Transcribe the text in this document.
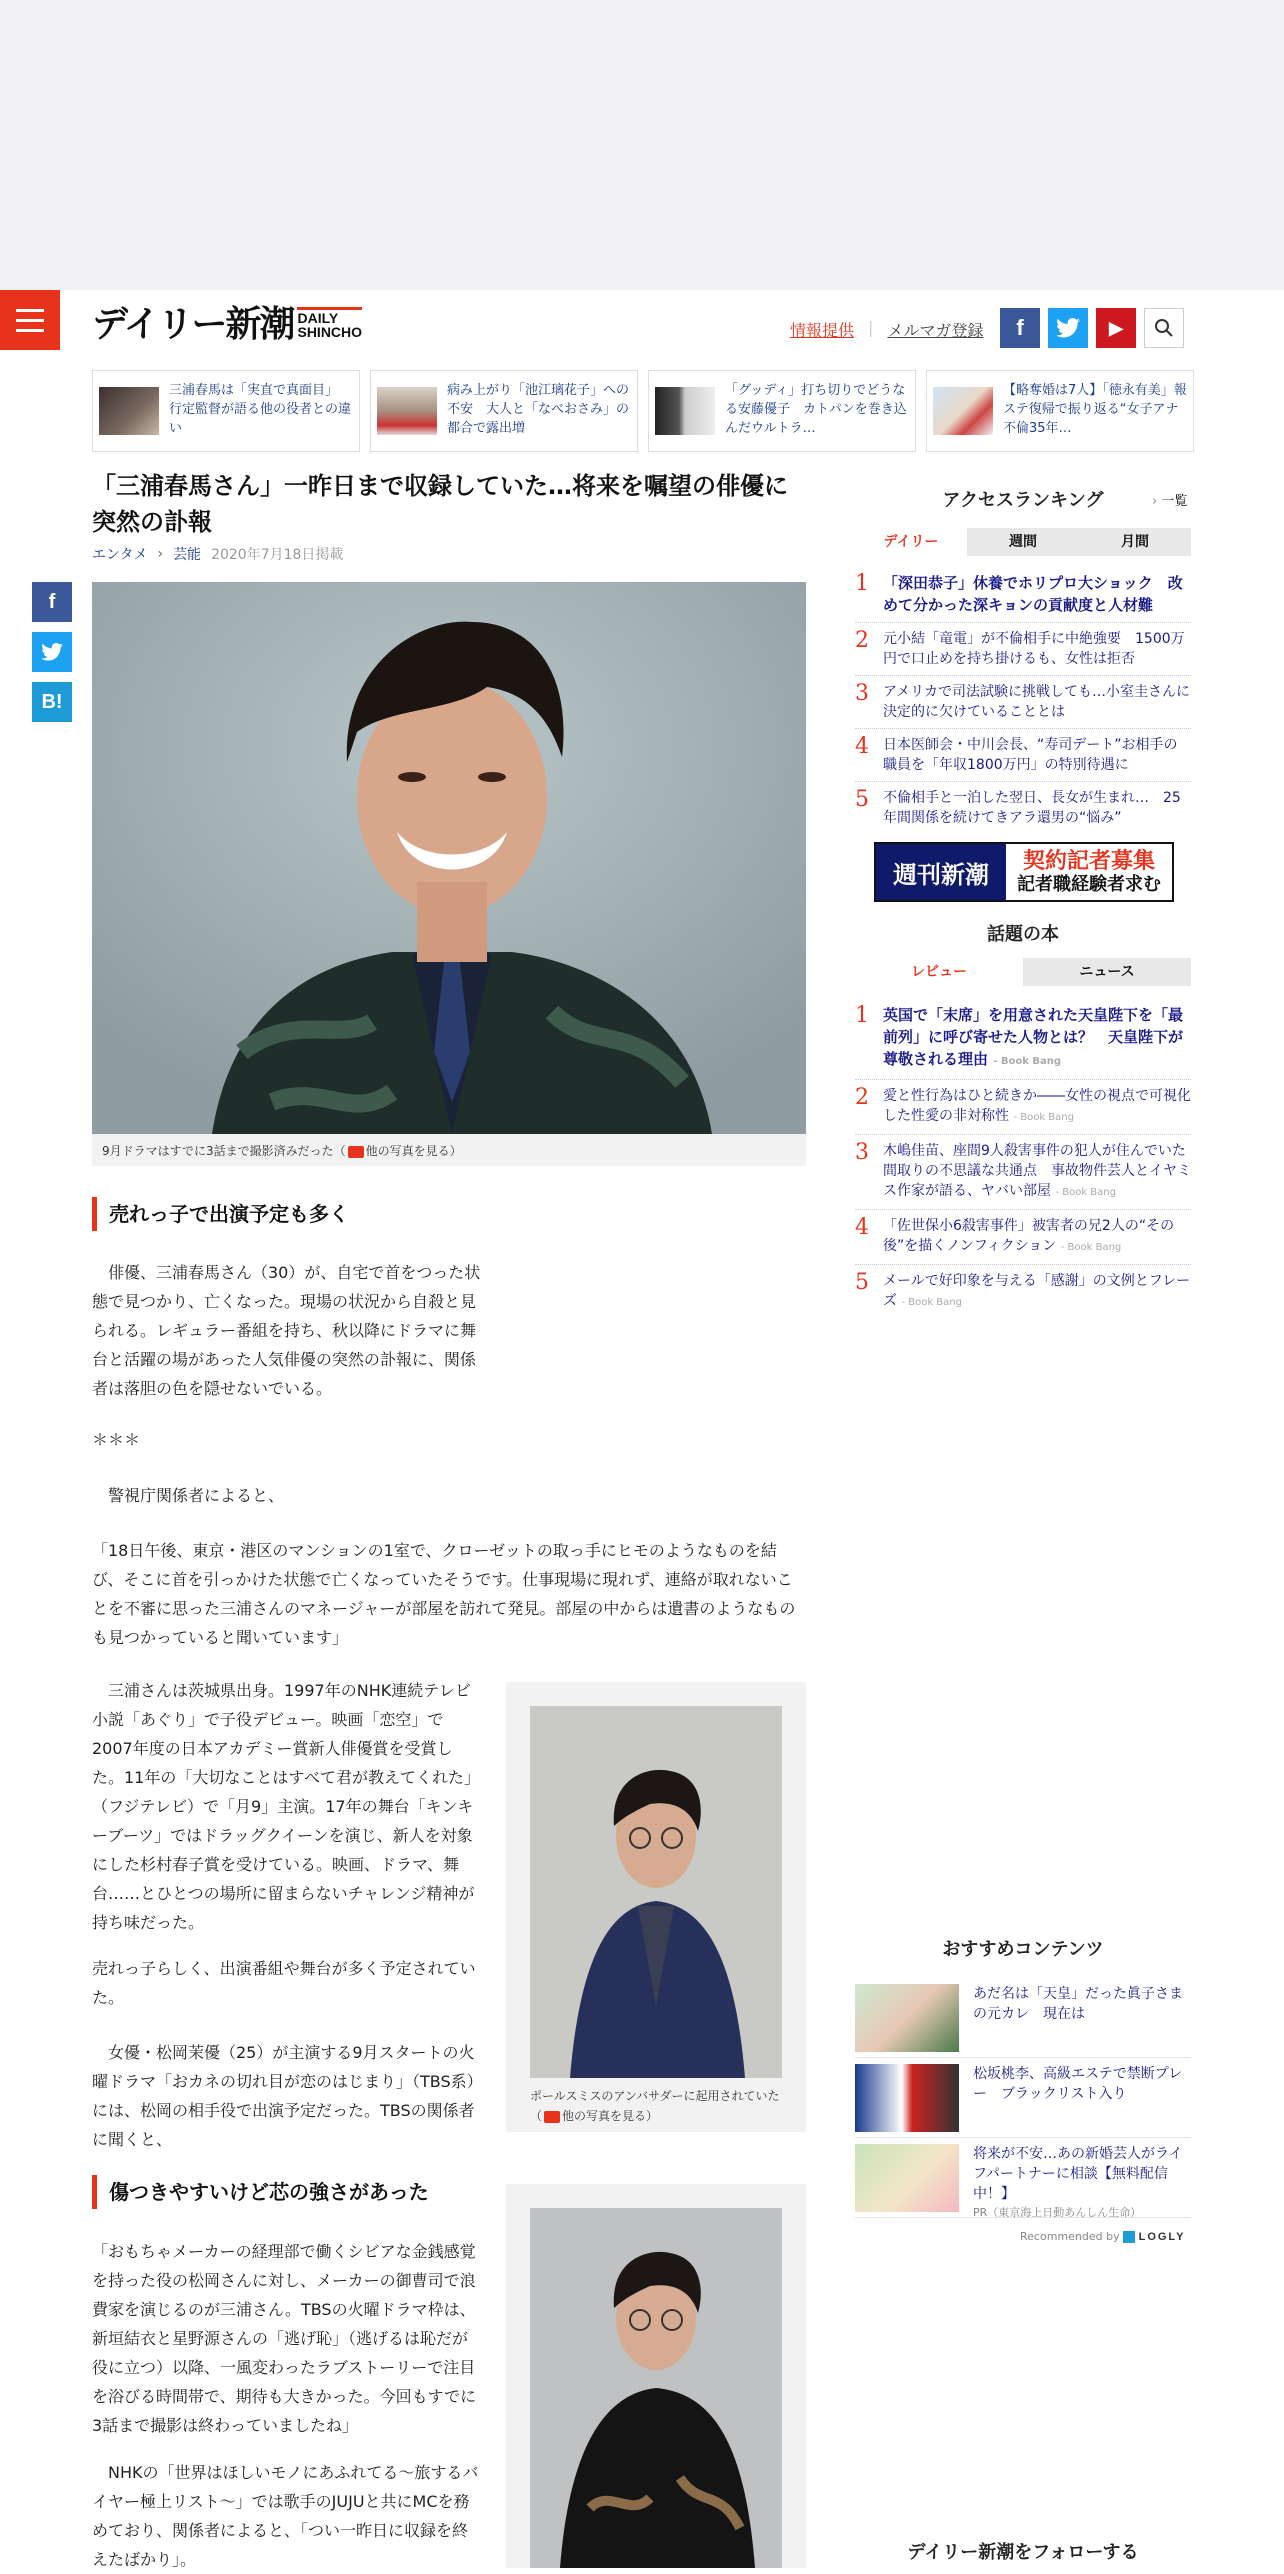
デイリー新潮 DAILY
SHINCHO	情報提供 | メルマガ登録	f	▶
三浦春馬は「実直で真面目」　行定監督が語る他の役者との違い
病み上がり「池江璃花子」への不安　大人と「なべおさみ」の都合で露出増
「グッディ」打ち切りでどうなる安藤優子　カトパンを巻き込んだウルトラ…
【略奪婚は7人】「徳永有美」報ステ復帰で振り返る“女子アナ不倫35年…
f
B!
「三浦春馬さん」一昨日まで収録していた…将来を嘱望の俳優に突然の訃報
エンタメ › 芸能 2020年7月18日掲載
9月ドラマはすでに3話まで撮影済みだった（ 他の写真を見る）
売れっ子で出演予定も多く

　俳優、三浦春馬さん（30）が、自宅で首をつった状態で見つかり、亡くなった。現場の状況から自殺と見られる。レギュラー番組を持ち、秋以降にドラマに舞台と活躍の場があった人気俳優の突然の訃報に、関係者は落胆の色を隠せないでいる。

＊＊＊

　警視庁関係者によると、

「18日午後、東京・港区のマンションの1室で、クローゼットの取っ手にヒモのようなものを結び、そこに首を引っかけた状態で亡くなっていたそうです。仕事現場に現れず、連絡が取れないことを不審に思った三浦さんのマネージャーが部屋を訪れて発見。部屋の中からは遺書のようなものも見つかっていると聞いています」

　三浦さんは茨城県出身。1997年のNHK連続テレビ小説「あぐり」で子役デビュー。映画「恋空」で2007年度の日本アカデミー賞新人俳優賞を受賞した。11年の「大切なことはすべて君が教えてくれた」（フジテレビ）で「月9」主演。17年の舞台「キンキーブーツ」ではドラッグクイーンを演じ、新人を対象にした杉村春子賞を受けている。映画、ドラマ、舞台……とひとつの場所に留まらないチャレンジ精神が持ち味だった。

売れっ子らしく、出演番組や舞台が多く予定されていた。

　女優・松岡茉優（25）が主演する9月スタートの火曜ドラマ「おカネの切れ目が恋のはじまり」（TBS系）には、松岡の相手役で出演予定だった。TBSの関係者に聞くと、

ポールスミスのアンバサダーに起用されていた（ 他の写真を見る）
傷つきやすいけど芯の強さがあった

「おもちゃメーカーの経理部で働くシビアな金銭感覚を持った役の松岡さんに対し、メーカーの御曹司で浪費家を演じるのが三浦さん。TBSの火曜ドラマ枠は、新垣結衣と星野源さんの「逃げ恥」（逃げるは恥だが役に立つ）以降、一風変わったラブストーリーで注目を浴びる時間帯で、期待も大きかった。今回もすでに3話まで撮影は終わっていましたね」

　NHKの「世界はほしいモノにあふれてる～旅するバイヤー極上リスト～」では歌手のJUJUと共にMCを務めており、関係者によると、「つい一昨日に収録を終えたばかり」。

アクセスランキング	› 一覧
デイリー	週間	月間
1 「深田恭子」休養でホリプロ大ショック　改めて分かった深キョンの貢献度と人材難
2 元小結「竜電」が不倫相手に中絶強要　1500万円で口止めを持ち掛けるも、女性は拒否
3 アメリカで司法試験に挑戦しても…小室圭さんに決定的に欠けていることとは
4 日本医師会・中川会長、“寿司デート”お相手の職員を「年収1800万円」の特別待遇に
5 不倫相手と一泊した翌日、長女が生まれ…　25年間関係を続けてきアラ還男の“悩み”
週刊新潮	契約記者募集
記者職経験者求む
話題の本
レビュー	ニュース
1 英国で「末席」を用意された天皇陛下を「最前列」に呼び寄せた人物とは？　天皇陛下が尊敬される理由 - Book Bang
2 愛と性行為はひと続きか――女性の視点で可視化した性愛の非対称性 - Book Bang
3 木嶋佳苗、座間9人殺害事件の犯人が住んでいた間取りの不思議な共通点　事故物件芸人とイヤミス作家が語る、ヤバい部屋 - Book Bang
4 「佐世保小6殺害事件」被害者の兄2人の“その後”を描くノンフィクション - Book Bang
5 メールで好印象を与える「感謝」の文例とフレーズ - Book Bang
おすすめコンテンツ
あだ名は「天皇」だった眞子さまの元カレ　現在は
松坂桃李、高級エステで禁断プレー　ブラックリスト入り
将来が不安…あの新婚芸人がライフパートナーに相談【無料配信中！】
PR（東京海上日動あんしん生命）
Recommended by LOGLY
デイリー新潮をフォローする
